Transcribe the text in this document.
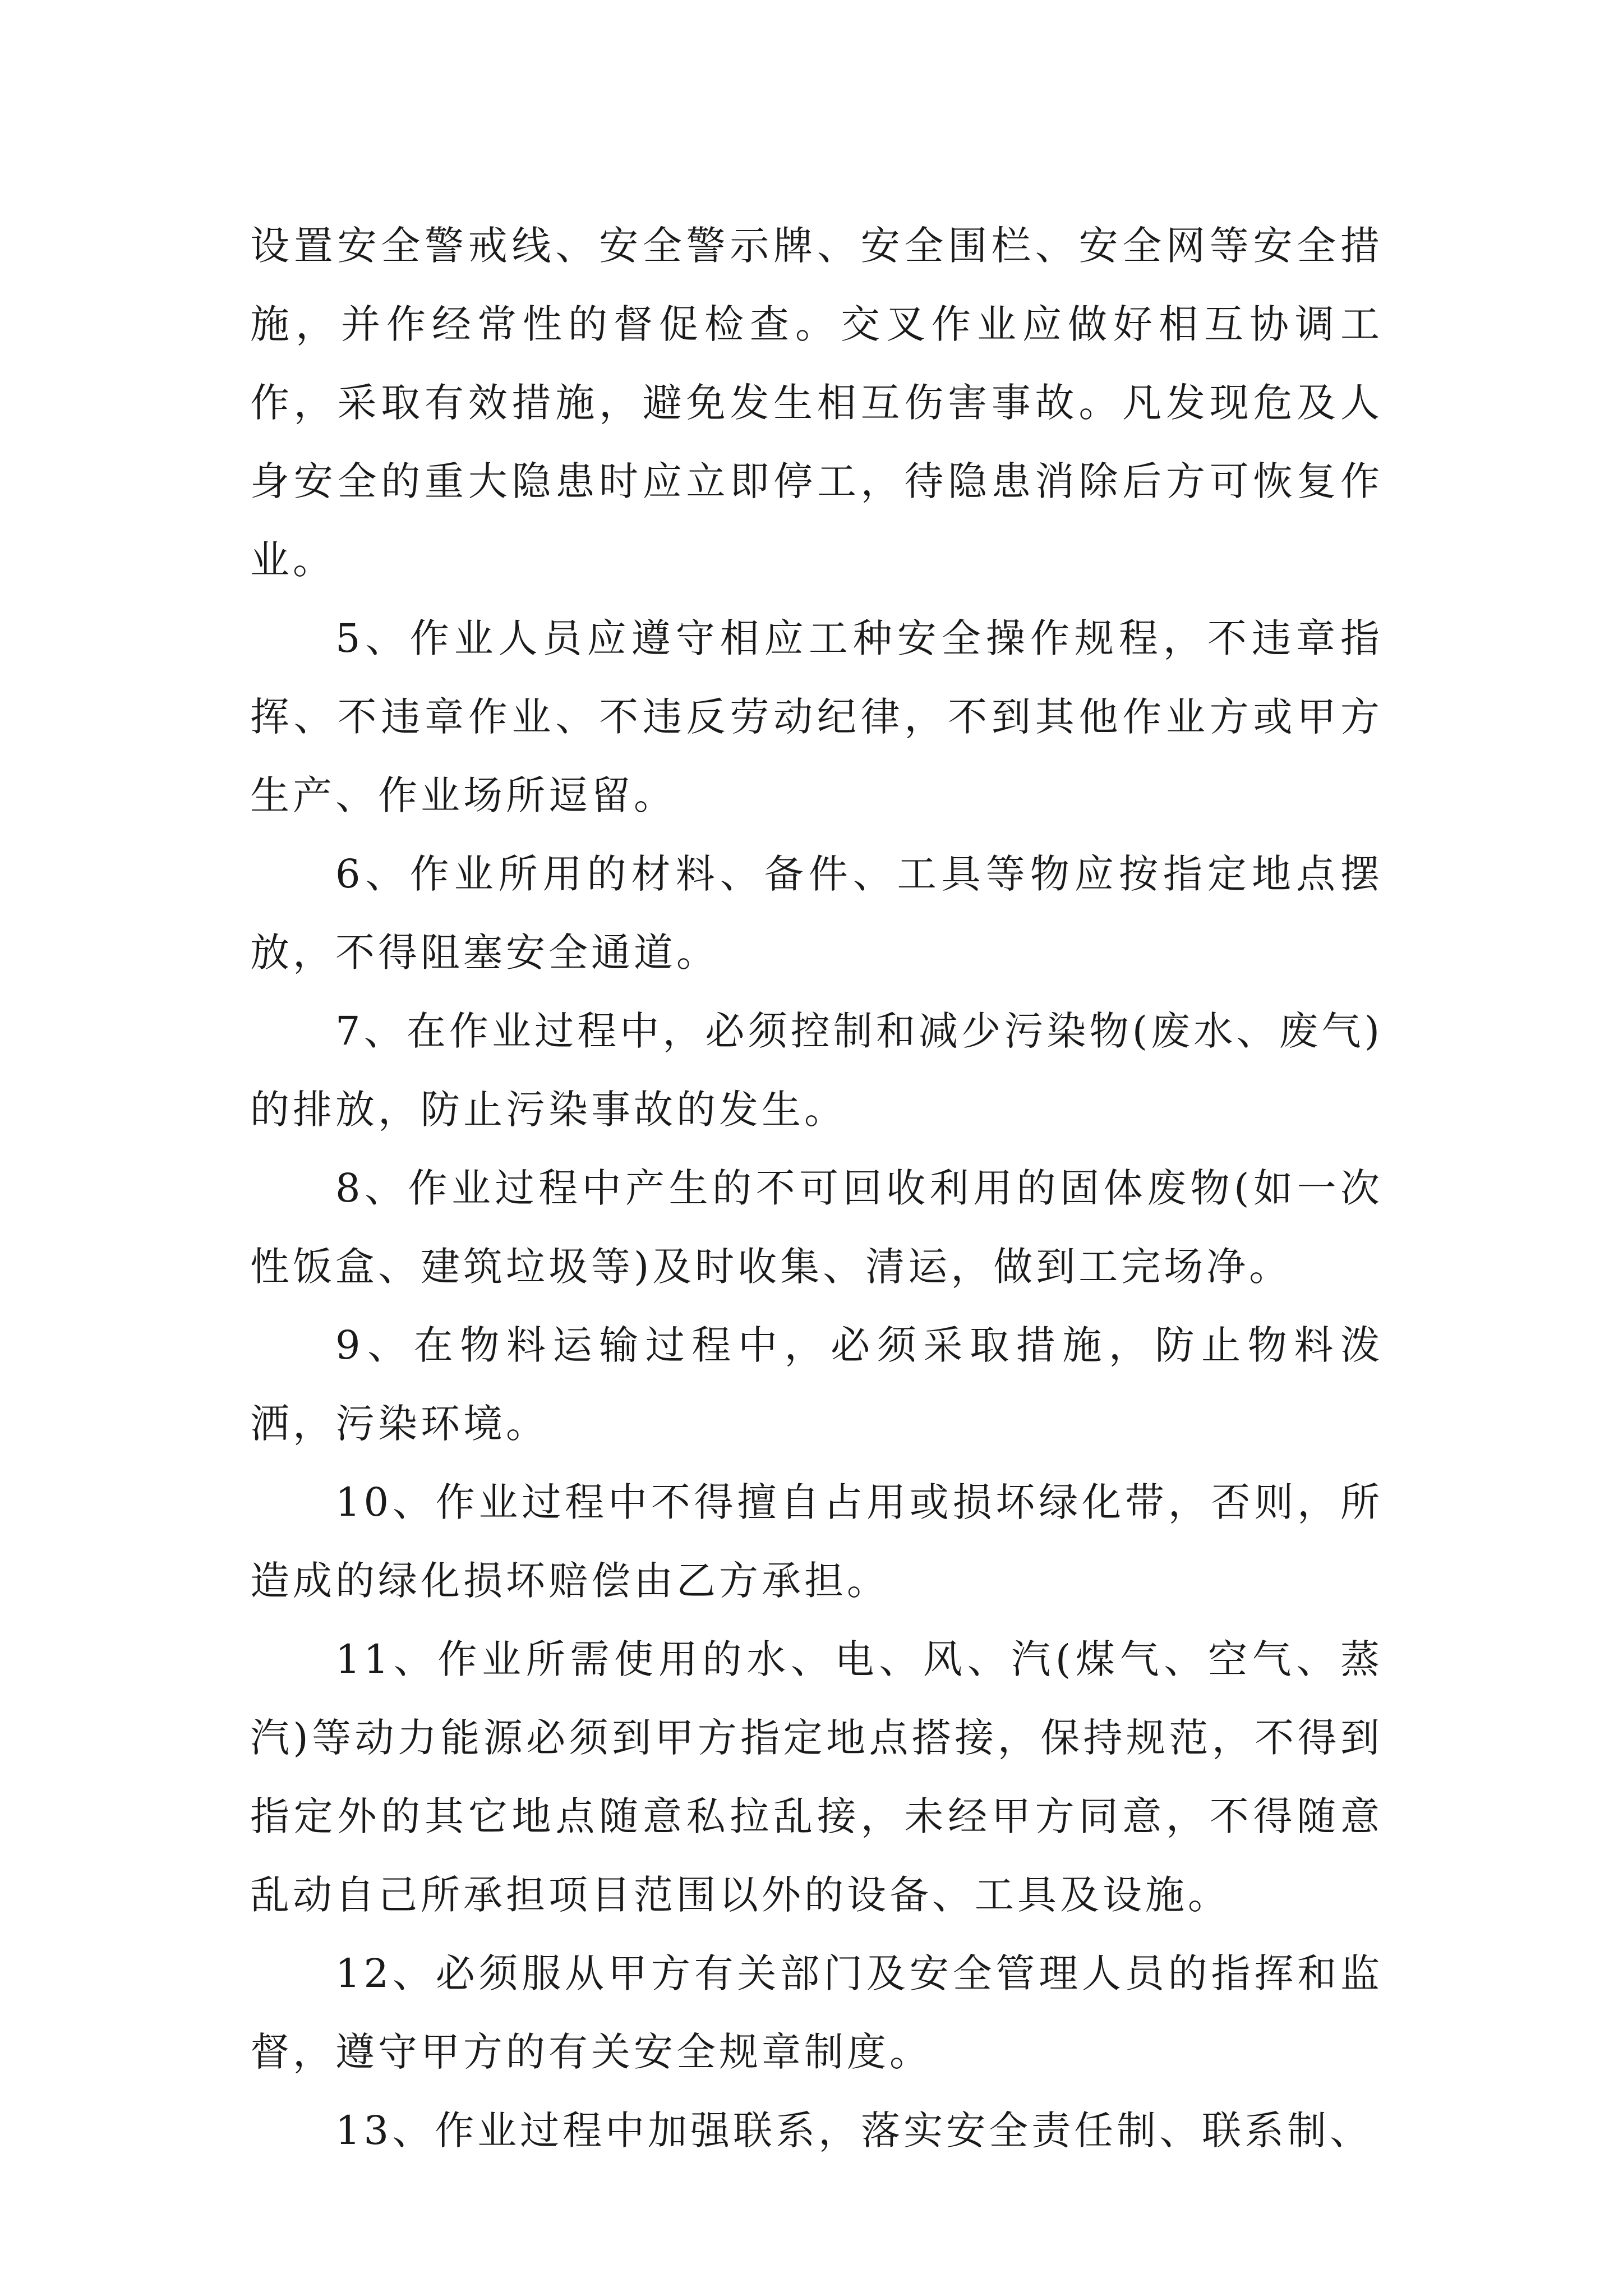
设置安全警戒线、安全警示牌、安全围栏、安全网等安全措施，并作经常性的督促检查。交叉作业应做好相互协调工作，采取有效措施，避免发生相互伤害事故。凡发现危及人身安全的重大隐患时应立即停工，待隐患消除后方可恢复作业。

5、作业人员应遵守相应工种安全操作规程，不违章指挥、不违章作业、不违反劳动纪律，不到其他作业方或甲方生产、作业场所逗留。

6、作业所用的材料、备件、工具等物应按指定地点摆放，不得阻塞安全通道。

7、在作业过程中，必须控制和减少污染物(废水、废气)的排放，防止污染事故的发生。

8、作业过程中产生的不可回收利用的固体废物(如一次性饭盒、建筑垃圾等)及时收集、清运，做到工完场净。

9、在物料运输过程中，必须采取措施，防止物料泼洒，污染环境。

10、作业过程中不得擅自占用或损坏绿化带，否则，所造成的绿化损坏赔偿由乙方承担。

11、作业所需使用的水、电、风、汽(煤气、空气、蒸汽)等动力能源必须到甲方指定地点搭接，保持规范，不得到指定外的其它地点随意私拉乱接，未经甲方同意，不得随意乱动自己所承担项目范围以外的设备、工具及设施。

12、必须服从甲方有关部门及安全管理人员的指挥和监督，遵守甲方的有关安全规章制度。

13、作业过程中加强联系，落实安全责任制、联系制、
